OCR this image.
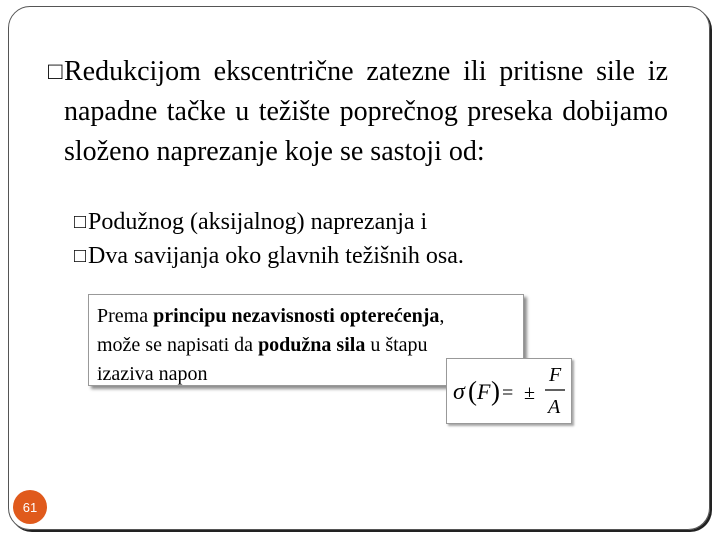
□ Redukcijom ekscentrične zatezne ili pritisne sile iz napadne tačke u težište poprečnog preseka dobijamo složeno naprezanje koje se sastoji od:
□ Podužnog (aksijalnog) naprezanja i
□ Dva savijanja oko glavnih težišnih osa.
Prema principu nezavisnosti opterećenja,
može se napisati da podužna sila u štapu
izaziva napon
σ ( F ) = ±
F
A
61
